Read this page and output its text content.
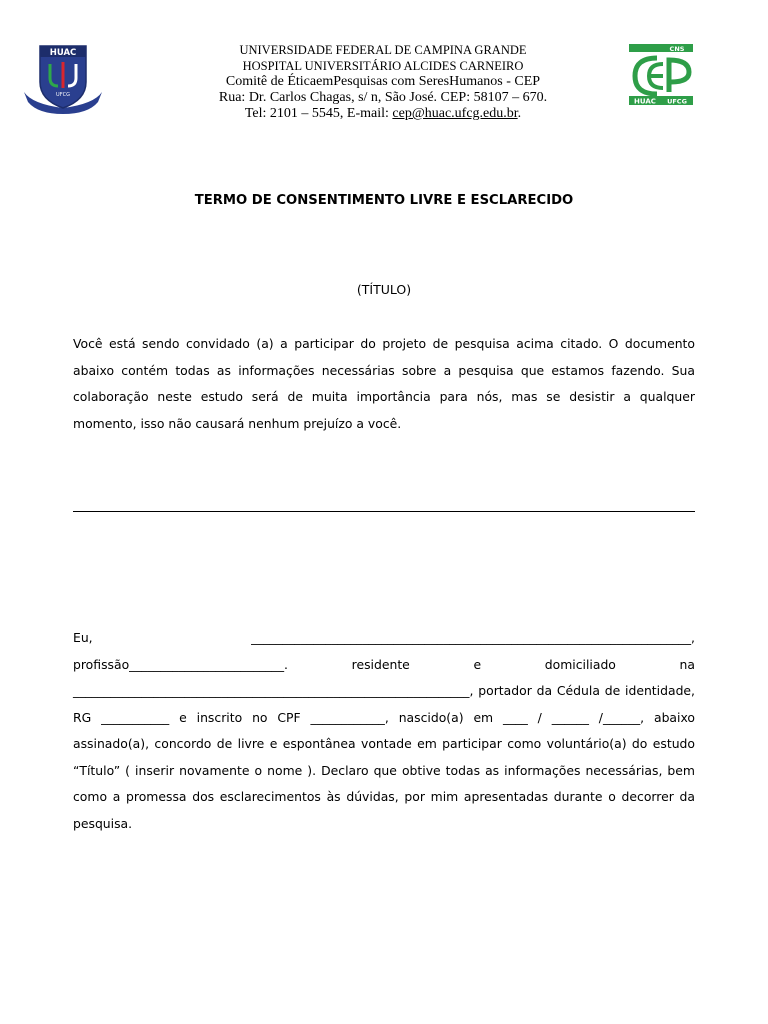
HUAC
UFCG
UNIVERSIDADE FEDERAL DE CAMPINA GRANDE
HOSPITAL UNIVERSITÁRIO ALCIDES CARNEIRO
Comitê de ÉticaemPesquisas com SeresHumanos - CEP
Rua: Dr. Carlos Chagas, s/ n, São José. CEP: 58107 – 670.
Tel: 2101 – 5545, E-mail: cep@huac.ufcg.edu.br.
CNS
HUAC UFCG
TERMO DE CONSENTIMENTO LIVRE E ESCLARECIDO
(TÍTULO)
Você está sendo convidado (a) a participar do projeto de pesquisa acima citado. O documento abaixo contém todas as informações necessárias sobre a pesquisa que estamos fazendo. Sua colaboração neste estudo será de muita importância para nós, mas se desistir a qualquer momento, isso não causará nenhum prejuízo a você.
Eu, _______________________________________________________________________, profissão_________________________. residente e domiciliado na ________________________________________________________________, portador da Cédula de identidade, RG ___________ e inscrito no CPF ____________, nascido(a) em ____ / ______ /______, abaixo assinado(a), concordo de livre e espontânea vontade em participar como voluntário(a) do estudo “Título” ( inserir novamente o nome ). Declaro que obtive todas as informações necessárias, bem como a promessa dos esclarecimentos às dúvidas, por mim apresentadas durante o decorrer da pesquisa.
